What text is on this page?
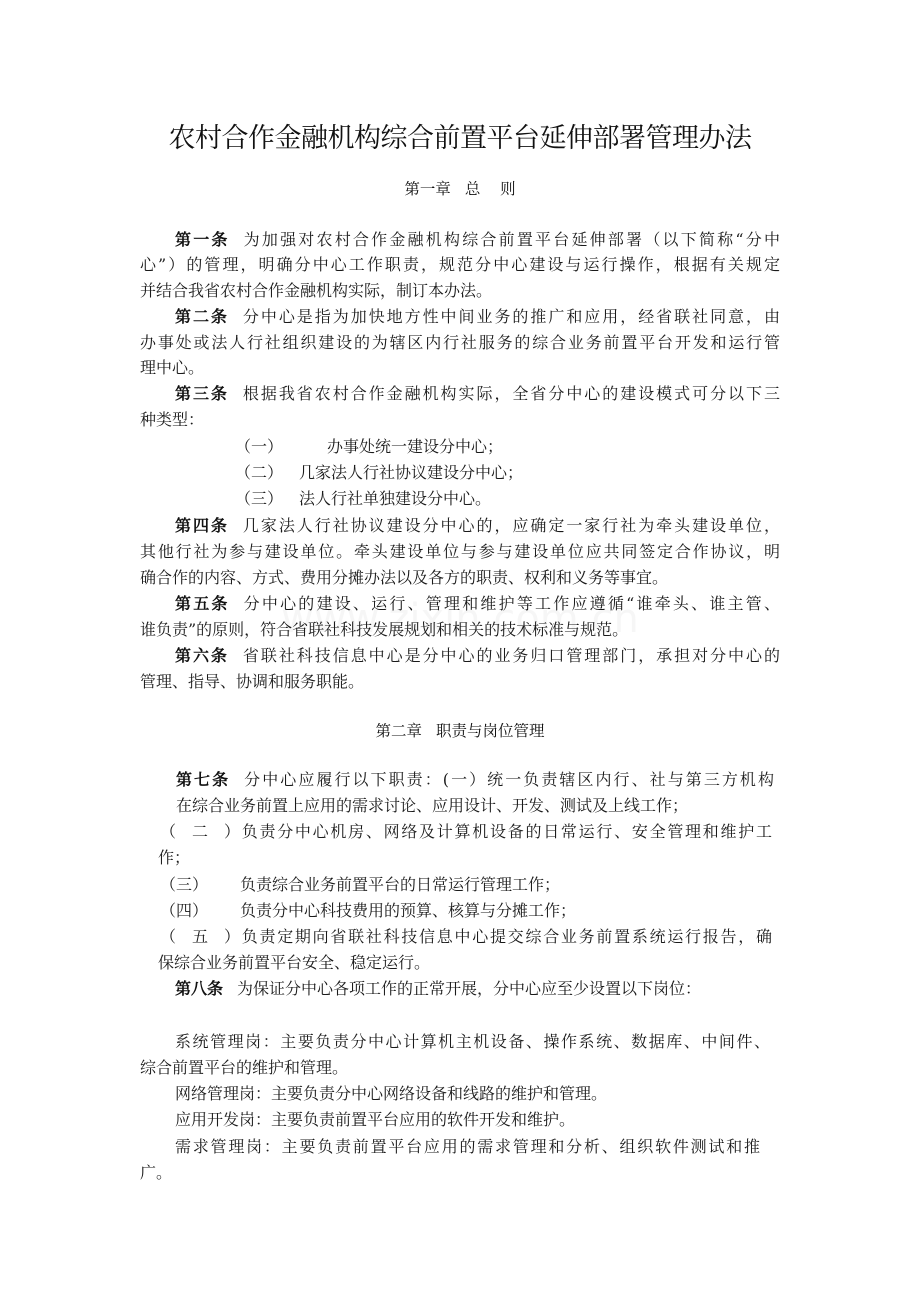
农村合作金融机构综合前置平台延伸部署管理办法
第一章 总    则
第一条 为加强对农村合作金融机构综合前置平台延伸部署（以下简称“分中
心”）的管理，明确分中心工作职责，规范分中心建设与运行操作，根据有关规定
并结合我省农村合作金融机构实际，制订本办法。
第二条 分中心是指为加快地方性中间业务的推广和应用，经省联社同意，由
办事处或法人行社组织建设的为辖区内行社服务的综合业务前置平台开发和运行管
理中心。
第三条 根据我省农村合作金融机构实际，全省分中心的建设模式可分以下三
种类型：
（一）	办事处统一建设分中心；
（二） 几家法人行社协议建设分中心；
（三） 法人行社单独建设分中心。
第四条 几家法人行社协议建设分中心的，应确定一家行社为牵头建设单位，
其他行社为参与建设单位。牵头建设单位与参与建设单位应共同签定合作协议，明
确合作的内容、方式、费用分摊办法以及各方的职责、权利和义务等事宜。
第五条 分中心的建设、运行、管理和维护等工作应遵循“谁牵头、谁主管、
谁负责”的原则，符合省联社科技发展规划和相关的技术标准与规范。
第六条 省联社科技信息中心是分中心的业务归口管理部门，承担对分中心的
管理、指导、协调和服务职能。
第二章 职责与岗位管理
第七条 分中心应履行以下职责：(一）统一负责辖区内行、社与第三方机构
在综合业务前置上应用的需求讨论、应用设计、开发、测试及上线工作；
（二）负责分中心机房、网络及计算机设备的日常运行、安全管理和维护工
作；
（三） 负责综合业务前置平台的日常运行管理工作；
（四） 负责分中心科技费用的预算、核算与分摊工作；
（五）负责定期向省联社科技信息中心提交综合业务前置系统运行报告，确
保综合业务前置平台安全、稳定运行。
第八条 为保证分中心各项工作的正常开展，分中心应至少设置以下岗位：
系统管理岗：主要负责分中心计算机主机设备、操作系统、数据库、中间件、
综合前置平台的维护和管理。
网络管理岗：主要负责分中心网络设备和线路的维护和管理。
应用开发岗：主要负责前置平台应用的软件开发和维护。
需求管理岗：主要负责前置平台应用的需求管理和分析、组织软件测试和推
广。
